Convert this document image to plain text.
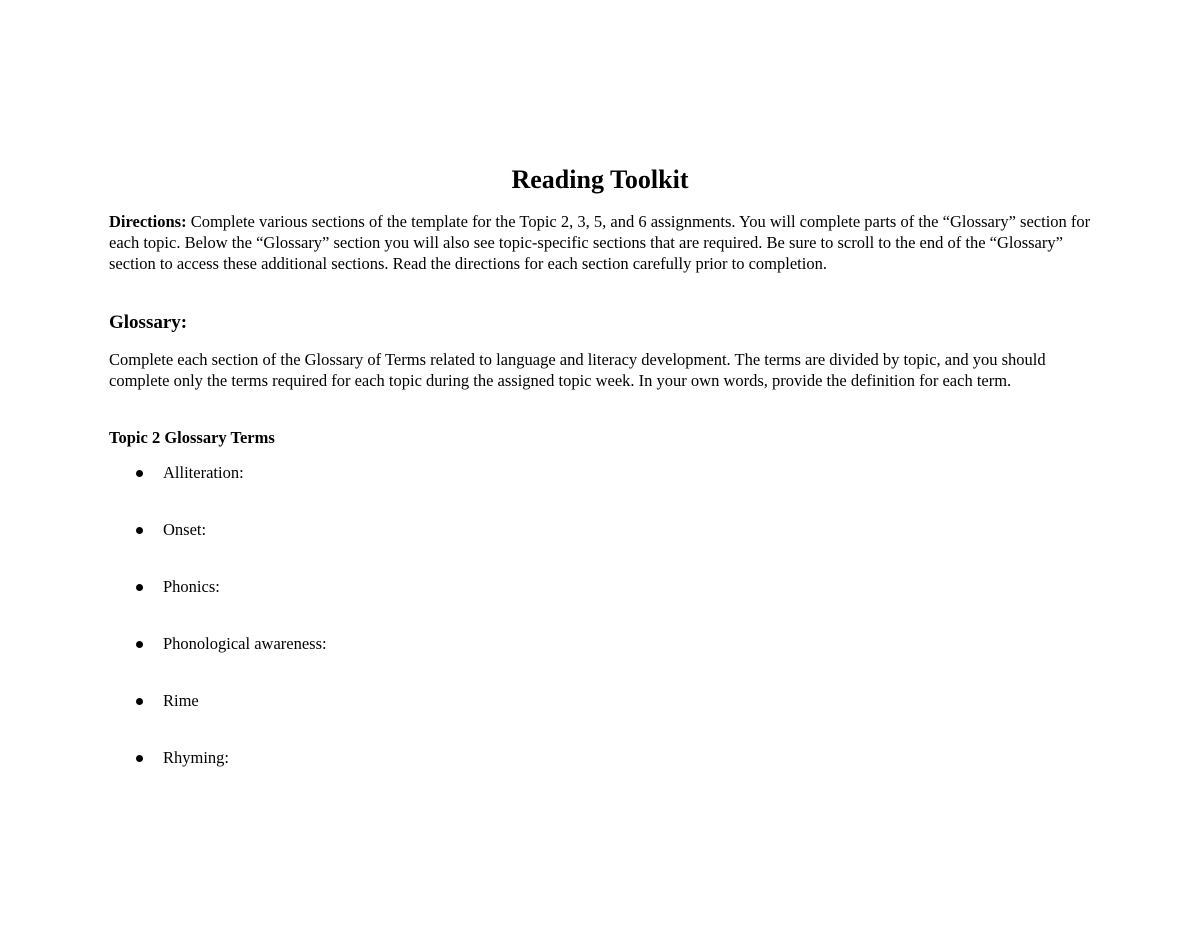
Reading Toolkit

Directions: Complete various sections of the template for the Topic 2, 3, 5, and 6 assignments. You will complete parts of the “Glossary” section for each topic. Below the “Glossary” section you will also see topic-specific sections that are required. Be sure to scroll to the end of the “Glossary” section to access these additional sections. Read the directions for each section carefully prior to completion.

Glossary:

Complete each section of the Glossary of Terms related to language and literacy development. The terms are divided by topic, and you should complete only the terms required for each topic during the assigned topic week. In your own words, provide the definition for each term.

Topic 2 Glossary Terms
Alliteration:
Onset:
Phonics:
Phonological awareness:
Rime
Rhyming:
